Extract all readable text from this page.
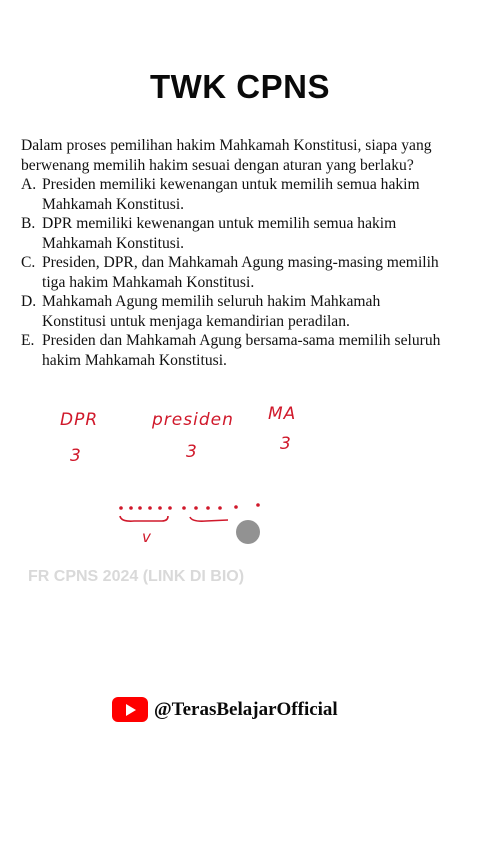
TWK CPNS
Dalam proses pemilihan hakim Mahkamah Konstitusi, siapa yang berwenang memilih hakim sesuai dengan aturan yang berlaku?
A. Presiden memiliki kewenangan untuk memilih semua hakim Mahkamah Konstitusi.
B. DPR memiliki kewenangan untuk memilih semua hakim Mahkamah Konstitusi.
C. Presiden, DPR, dan Mahkamah Agung masing-masing memilih tiga hakim Mahkamah Konstitusi.
D. Mahkamah Agung memilih seluruh hakim Mahkamah Konstitusi untuk menjaga kemandirian peradilan.
E. Presiden dan Mahkamah Agung bersama-sama memilih seluruh hakim Mahkamah Konstitusi.
DPR
3
presiden
3
MA
3
v
FR CPNS 2024 (LINK DI BIO)
@TerasBelajarOfficial
